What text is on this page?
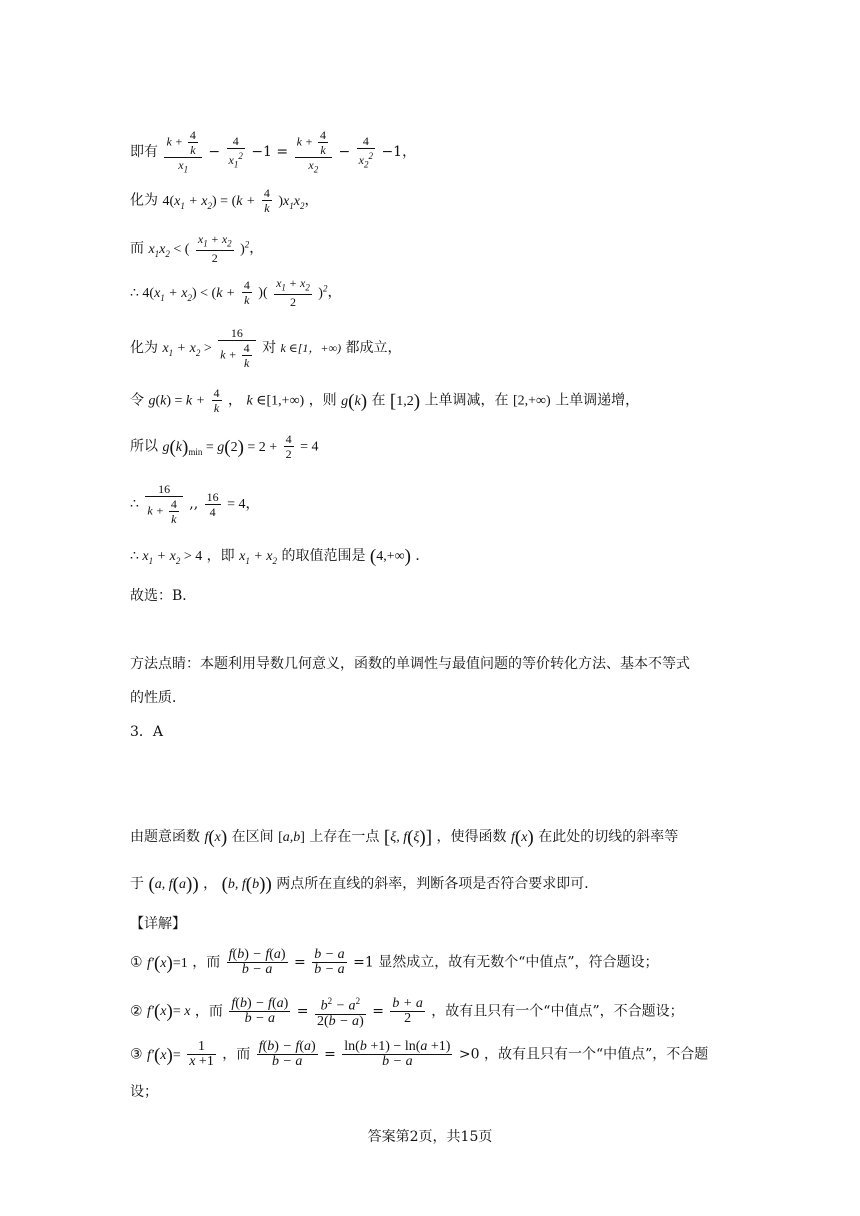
即有 $\frac{k + \frac{4}{k}}{x_1} - \frac{4}{x_1^2} -1 = \frac{k + \frac{4}{k}}{x_2} - \frac{4}{x_2^2} -1$，
化为 $4(x_1 + x_2) = (k + \frac{4}{k} )x_1x_2$，
而 $x_1x_2$ < ( $\frac{x_1 + x_2}{2} )^2$，
∴ $4(x_1 + x_2) < (k + \frac{4}{k}$ )( $\frac{x_1 + x_2}{2} )^2$，
化为 $x_1 + x_2 > \frac{16}{k + \frac{4}{k}}$ 对 k ∈[1，+∞) 都成立，
令 $g(k) = k + \frac{4}{k}$ ， k ∈[1,+∞) ，则 g(k) 在 [1,2) 上单调减，在 [2,+∞) 上单调递增，
所以 $g(k)_{min} = g(2) = 2 + \frac{4}{2} = 4$
∴ $\frac{16}{k + \frac{4}{k}}$ ,, $\frac{16}{4} = 4$，
∴ $x_1 + x_2 > 4$ ，即 $x_1 + x_2$ 的取值范围是 (4,+∞) ．
故选：B．
方法点睛：本题利用导数几何意义，函数的单调性与最值问题的等价转化方法、基本不等式
的性质．
3．A
由题意函数 f(x) 在区间 [a,b] 上存在一点 [ξ, f(ξ)] ，使得函数 f(x) 在此处的切线的斜率等
于 (a, f(a)) ， (b, f(b)) 两点所在直线的斜率，判断各项是否符合要求即可．
【详解】
① f′(x)=1 ，而 $\frac{f(b) - f(a)}{b - a} = \frac{b - a}{b - a} =1$ 显然成立，故有无数个“中值点”，符合题设；
② f′(x)= x ，而 $\frac{f(b) - f(a)}{b - a} = \frac{b^2 - a^2}{2(b - a)} = \frac{b + a}{2}$ ，故有且只有一个“中值点”，不合题设；
③ $f'(x)= \frac{1}{x +1}$ ，而 $\frac{f(b) - f(a)}{b - a} = \frac{\ln(b +1) - \ln(a +1)}{b - a} >0$ ，故有且只有一个“中值点”，不合题
设；
答案第2页，共15页
